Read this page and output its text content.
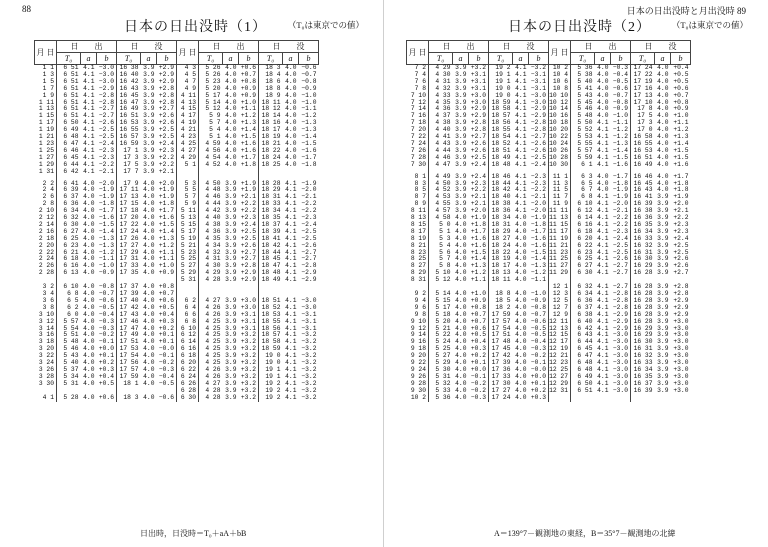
88
日本の日出没時（1） （T₀は東京での値）
月 日	日　　出			日　　没			月 日	日　　出			日　　没		
	T₀	a	b	T₀	a	b		T₀	a	b	T₀	a	b
1 1	6 51	4.1	−3.0	16 38	3.9	+2.9	4 3	5 26	4.0	+0.6	18 3	4.0	−0.6
1 3	6 51	4.1	−3.0	16 40	3.9	+2.9	4 5	5 26	4.0	+0.7	18 4	4.0	−0.7
1 5	6 51	4.1	−3.0	16 42	3.9	+2.9	4 7	5 23	4.0	+0.8	18 6	4.0	−0.8
1 7	6 51	4.1	−2.9	16 43	3.9	+2.8	4 9	5 20	4.0	+0.9	18 8	4.0	−0.9
1 9	6 51	4.1	−2.8	16 45	3.9	+2.8	4 11	5 17	4.0	+0.9	18 9	4.0	−1.0
1 11	6 51	4.1	−2.8	16 47	3.9	+2.8	4 13	5 14	4.0	+1.0	18 11	4.0	−1.0
1 13	6 51	4.1	−2.7	16 49	3.9	+2.7	4 15	5 12	4.0	+1.1	18 12	4.0	−1.1
1 15	6 51	4.1	−2.7	16 51	3.9	+2.6	4 17	5 9	4.0	+1.2	18 14	4.0	−1.2
1 17	6 50	4.1	−2.6	16 53	3.9	+2.6	4 19	5 7	4.0	+1.3	18 16	4.0	−1.3
1 19	6 49	4.1	−2.5	16 55	3.9	+2.5	4 21	5 4	4.0	+1.4	18 17	4.0	−1.3
1 21	6 48	4.1	−2.5	16 57	3.9	+2.5	4 23	5 1	4.0	+1.5	18 19	4.0	−1.4
1 23	6 47	4.1	−2.4	16 59	3.9	+2.4	4 25	4 59	4.0	+1.6	18 21	4.0	−1.5
1 25	6 46	4.1	−2.3	17 1	3.9	+2.3	4 27	4 56	4.0	+1.6	18 22	4.0	−1.6
1 27	6 45	4.1	−2.3	17 3	3.9	+2.2	4 29	4 54	4.0	+1.7	18 24	4.0	−1.7
1 29	6 44	4.1	−2.2	17 5	3.9	+2.2	5 1	4 52	4.0	+1.8	18 25	4.0	−1.8
1 31	6 42	4.1	−2.1	17 7	3.9	+2.1							

2 2	6 41	4.0	−2.0	17 9	4.0	+2.0	5 3	4 50	3.9	+1.9	18 28	4.1	−1.9
2 4	6 39	4.0	−1.9	17 11	4.0	+1.9	5 5	4 48	3.9	+1.9	18 29	4.1	−2.0
2 6	6 37	4.0	−1.9	17 13	4.0	+1.9	5 7	4 46	3.9	+2.1	18 31	4.1	−2.1
2 8	6 36	4.0	−1.8	17 15	4.0	+1.8	5 9	4 44	3.9	+2.2	18 33	4.1	−2.2
2 10	6 34	4.0	−1.7	17 18	4.0	+1.7	5 11	4 42	3.9	+2.2	18 34	4.1	−2.2
2 12	6 32	4.0	−1.6	17 20	4.0	+1.6	5 13	4 40	3.9	+2.3	18 35	4.1	−2.3
2 14	6 30	4.0	−1.5	17 22	4.0	+1.5	5 15	4 38	3.9	+2.4	18 37	4.1	−2.4
2 16	6 27	4.0	−1.4	17 24	4.0	+1.4	5 17	4 36	3.9	+2.5	18 39	4.1	−2.5
2 18	6 25	4.0	−1.3	17 26	4.0	+1.3	5 19	4 35	3.9	+2.5	18 41	4.1	−2.5
2 20	6 23	4.0	−1.3	17 27	4.0	+1.2	5 21	4 34	3.9	+2.6	18 42	4.1	−2.6
2 22	6 21	4.0	−1.2	17 29	4.0	+1.1	5 23	4 32	3.9	+2.7	18 44	4.1	−2.7
2 24	6 18	4.0	−1.1	17 31	4.0	+1.1	5 25	4 31	3.9	+2.7	18 45	4.1	−2.7
2 26	6 16	4.0	−1.0	17 33	4.0	+1.0	5 27	4 30	3.9	+2.8	18 47	4.1	−2.8
2 28	6 13	4.0	−0.9	17 35	4.0	+0.9	5 29	4 29	3.9	+2.9	18 48	4.1	−2.9
							5 31	4 28	3.9	+2.9	18 49	4.1	−2.9
3 2	6 10	4.0	−0.8	17 37	4.0	+0.8							
3 4	6 8	4.0	−0.7	17 39	4.0	+0.7							
3 6	6 5	4.0	−0.6	17 40	4.0	+0.6	6 2	4 27	3.9	+3.0	18 51	4.1	−3.0
3 8	6 2	4.0	−0.5	17 42	4.0	+0.5	6 4	4 26	3.9	+3.0	18 52	4.1	−3.0
3 10	6 0	4.0	−0.4	17 43	4.0	+0.4	6 6	4 26	3.9	+3.1	18 53	4.1	−3.1
3 12	5 57	4.0	−0.3	17 46	4.0	+0.3	6 8	4 25	3.9	+3.1	18 55	4.1	−3.1
3 14	5 54	4.0	−0.3	17 47	4.0	+0.2	6 10	4 25	3.9	+3.1	18 56	4.1	−3.1
3 16	5 51	4.0	−0.2	17 49	4.0	+0.1	6 12	4 25	3.9	+3.2	18 57	4.1	−3.2
3 18	5 48	4.0	−0.1	17 51	4.0	+0.1	6 14	4 25	3.9	+3.2	18 58	4.1	−3.2
3 20	5 46	4.0	+0.0	17 53	4.0	−0.0	6 16	4 25	3.9	+3.2	18 59	4.1	−3.2
3 22	5 43	4.0	+0.1	17 54	4.0	−0.1	6 18	4 25	3.9	+3.2	19 0	4.1	−3.2
3 24	5 40	4.0	+0.2	17 56	4.0	−0.2	6 20	4 25	3.9	+3.2	19 0	4.1	−3.2
3 26	5 37	4.0	+0.3	17 57	4.0	−0.3	6 22	4 26	3.9	+3.2	19 1	4.1	−3.2
3 28	5 34	4.0	+0.4	17 59	4.0	−0.4	6 24	4 26	3.9	+3.2	19 1	4.1	−3.2
3 30	5 31	4.0	+0.5	18 1	4.0	−0.5	6 26	4 27	3.9	+3.2	19 2	4.1	−3.2
							6 28	4 28	3.9	+3.2	19 2	4.1	−3.2
4 1	5 28	4.0	+0.6	18 3	4.0	−0.6	6 30	4 28	3.9	+3.2	19 2	4.1	−3.2
日出時，日没時＝T₀＋aA＋bB
日本の日出没時と月出没時 89
日本の日出没時（2） （T₀は東京での値）
月 日	日　　出			日　　没			月 日	日　　出			日　　没		
	T₀	a	b	T₀	a	b		T₀	a	b	T₀	a	b
7 2	4 29	3.9	+3.2	19 2	4.1	−3.2	10 2	5 36	4.0	−0.3	17 24	4.0	+0.4
7 4	4 30	3.9	+3.1	19 1	4.1	−3.1	10 4	5 38	4.0	−0.4	17 22	4.0	+0.5
7 6	4 31	3.9	+3.1	19 1	4.1	−3.1	10 6	5 40	4.0	−0.5	17 19	4.0	+0.5
7 8	4 32	3.9	+3.1	19 0	4.1	−3.1	10 8	5 41	4.0	−0.6	17 16	4.0	+0.6
7 10	4 33	3.9	+3.0	19 0	4.1	−3.0	10 10	5 43	4.0	−0.7	17 13	4.0	+0.7
7 12	4 35	3.9	+3.0	18 59	4.1	−3.0	10 12	5 45	4.0	−0.8	17 10	4.0	+0.8
7 14	4 36	3.9	+2.9	18 58	4.1	−2.9	10 14	5 46	4.0	−0.9	17 8	4.0	+0.9
7 16	4 37	3.9	+2.9	18 57	4.1	−2.9	10 16	5 48	4.0	−1.0	17 5	4.0	+1.0
7 18	4 38	3.9	+2.8	18 56	4.1	−2.8	10 18	5 50	4.1	−1.1	17 3	4.0	+1.1
7 20	4 40	3.9	+2.8	18 55	4.1	−2.8	10 20	5 52	4.1	−1.2	17 0	4.0	+1.2
7 22	4 41	3.9	+2.7	18 54	4.1	−2.7	10 22	5 53	4.1	−1.2	16 58	4.0	+1.3
7 24	4 43	3.9	+2.6	18 52	4.1	−2.6	10 24	5 55	4.1	−1.3	16 55	4.0	+1.4
7 26	4 44	3.9	+2.6	18 51	4.1	−2.6	10 26	5 57	4.1	−1.4	16 53	4.0	+1.5
7 28	4 46	3.9	+2.5	18 49	4.1	−2.5	10 28	5 59	4.1	−1.5	16 51	4.0	+1.5
7 30	4 47	3.9	+2.4	18 48	4.1	−2.4	10 30	6 1	4.1	−1.6	16 49	4.0	+1.6

8 1	4 49	3.9	+2.4	18 46	4.1	−2.3	11 1	6 3	4.0	−1.7	16 46	4.0	+1.7
8 3	4 50	3.9	+2.3	18 44	4.1	−2.3	11 3	6 5	4.0	−1.8	16 45	4.0	+1.8
8 5	4 52	3.9	+2.2	18 42	4.1	−2.2	11 5	6 7	4.0	−1.9	16 43	4.0	+1.8
8 7	4 53	3.9	+2.1	18 40	4.1	−2.1	11 7	6 8	4.1	−1.9	16 41	3.9	+1.9
8 9	4 55	3.9	+2.1	18 38	4.1	−2.0	11 9	6 10	4.1	−2.0	16 39	3.9	+2.0
8 11	4 57	3.9	+2.0	18 36	4.1	−2.0	11 11	6 12	4.1	−2.1	16 38	3.9	+2.1
8 13	4 58	4.0	+1.9	18 34	4.0	−1.9	11 13	6 14	4.1	−2.2	16 36	3.9	+2.2
8 15	5 0	4.0	+1.8	18 31	4.0	−1.8	11 15	6 16	4.1	−2.2	16 35	3.9	+2.3
8 17	5 1	4.0	+1.7	18 29	4.0	−1.7	11 17	6 18	4.1	−2.3	16 34	3.9	+2.3
8 19	5 3	4.0	+1.6	18 27	4.0	−1.6	11 19	6 20	4.1	−2.4	16 33	3.9	+2.4
8 21	5 4	4.0	+1.6	18 24	4.0	−1.6	11 21	6 22	4.1	−2.5	16 32	3.9	+2.5
8 23	5 6	4.0	+1.5	18 22	4.0	−1.5	11 23	6 23	4.1	−2.5	16 31	3.9	+2.5
8 25	5 7	4.0	+1.4	18 19	4.0	−1.4	11 25	6 25	4.1	−2.6	16 30	3.9	+2.6
8 27	5 8	4.0	+1.3	18 17	4.0	−1.3	11 27	6 27	4.1	−2.7	16 29	3.9	+2.6
8 29	5 10	4.0	+1.2	18 13	4.0	−1.2	11 29	6 30	4.1	−2.7	16 28	3.9	+2.7
8 31	5 12	4.0	+1.1	18 11	4.0	−1.1							
							12 1	6 32	4.1	−2.7	16 28	3.9	+2.8
9 2	5 14	4.0	+1.0	18 8	4.0	−1.0	12 3	6 34	4.1	−2.8	16 28	3.9	+2.8
9 4	5 15	4.0	+0.9	18 5	4.0	−0.9	12 5	6 36	4.1	−2.8	16 28	3.9	+2.9
9 6	5 17	4.0	+0.8	18 2	4.0	−0.8	12 7	6 37	4.1	−2.8	16 28	3.9	+2.9
9 8	5 18	4.0	+0.7	17 59	4.0	−0.7	12 9	6 38	4.1	−2.9	16 28	3.9	+2.9
9 10	5 20	4.0	+0.7	17 57	4.0	−0.6	12 11	6 40	4.1	−2.9	16 28	3.9	+3.0
9 12	5 21	4.0	+0.6	17 54	4.0	−0.5	12 13	6 42	4.1	−2.9	16 29	3.9	+3.0
9 14	5 22	4.0	+0.5	17 51	4.0	−0.5	12 15	6 43	4.1	−3.0	16 29	3.9	+3.0
9 16	5 24	4.0	+0.4	17 48	4.0	−0.4	12 17	6 44	4.1	−3.0	16 30	3.9	+3.0
9 18	5 25	4.0	+0.3	17 45	4.0	−0.3	12 19	6 45	4.1	−3.0	16 31	3.9	+3.0
9 20	5 27	4.0	+0.2	17 42	4.0	−0.2	12 21	6 47	4.1	−3.0	16 32	3.9	+3.0
9 22	5 29	4.0	+0.1	17 39	4.0	−0.1	12 23	6 48	4.1	−3.0	16 33	3.9	+3.0
9 24	5 30	4.0	+0.0	17 36	4.0	−0.0	12 25	6 48	4.1	−3.0	16 34	3.9	+3.0
9 26	5 31	4.0	−0.1	17 33	4.0	+0.0	12 27	6 49	4.1	−3.0	16 35	3.9	+3.0
9 28	5 32	4.0	−0.2	17 30	4.0	+0.1	12 29	6 50	4.1	−3.0	16 37	3.9	+3.0
9 30	5 33	4.0	−0.2	17 27	4.0	+0.2	12 31	6 51	4.1	−3.0	16 39	3.9	+3.0
10 2	5 36	4.0	−0.3	17 24	4.0	+0.3							
A＝139°7－観測地の東経，B＝35°7－観測地の北緯
